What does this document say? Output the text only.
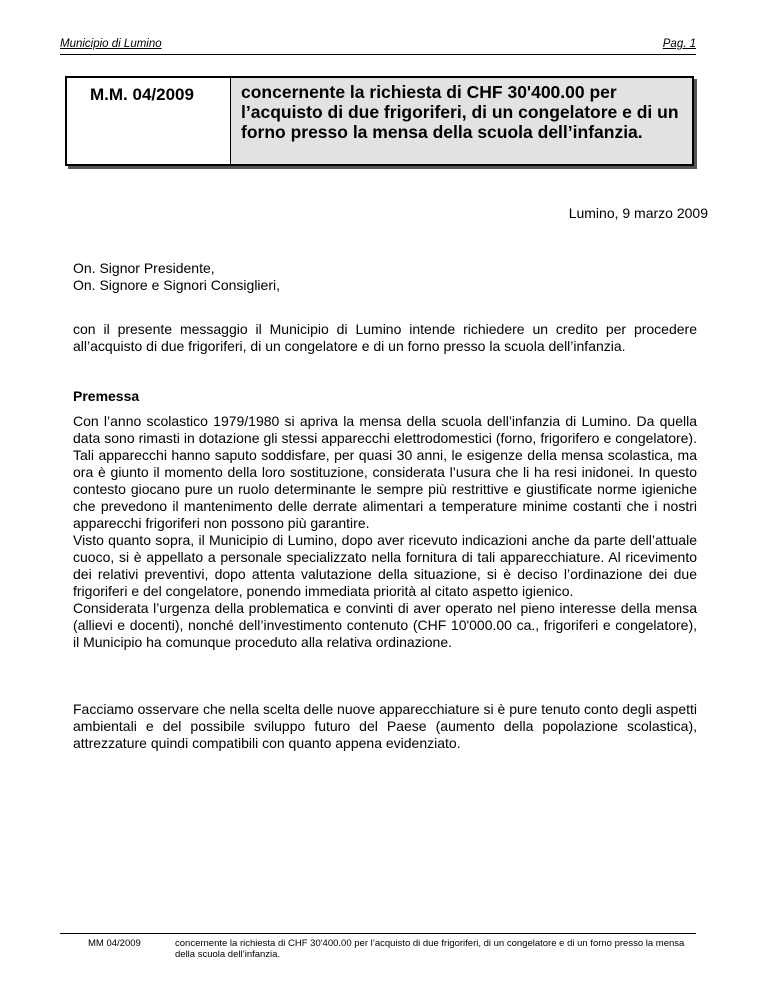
Municipio di Lumino	Pag. 1
M.M. 04/2009	concernente la richiesta di CHF 30'400.00 per l’acquisto di due frigoriferi, di un congelatore e di un forno presso la mensa della scuola dell’infanzia.
Lumino, 9 marzo 2009

On. Signor Presidente,

On. Signore e Signori Consiglieri,

con il presente messaggio il Municipio di Lumino intende richiedere un credito per procedere all’acquisto di due frigoriferi, di un congelatore e di un forno presso la scuola dell’infanzia.

Premessa

Con l’anno scolastico 1979/1980 si apriva la mensa della scuola dell’infanzia di Lumino. Da quella data sono rimasti in dotazione gli stessi apparecchi elettrodomestici (forno, frigorifero e congelatore). Tali apparecchi hanno saputo soddisfare, per quasi 30 anni, le esigenze della mensa scolastica, ma ora è giunto il momento della loro sostituzione, considerata l’usura che li ha resi inidonei. In questo contesto giocano pure un ruolo determinante le sempre più restrittive e giustificate norme igieniche che prevedono il mantenimento delle derrate alimentari a temperature minime costanti che i nostri apparecchi frigoriferi non possono più garantire.

Visto quanto sopra, il Municipio di Lumino, dopo aver ricevuto indicazioni anche da parte dell’attuale cuoco, si è appellato a personale specializzato nella fornitura di tali apparecchiature. Al ricevimento dei relativi preventivi, dopo attenta valutazione della situazione, si è deciso l’ordinazione dei due frigoriferi e del congelatore, ponendo immediata priorità al citato aspetto igienico.

Considerata l’urgenza della problematica e convinti di aver operato nel pieno interesse della mensa (allievi e docenti), nonché dell’investimento contenuto (CHF 10'000.00 ca., frigoriferi e congelatore), il Municipio ha comunque proceduto alla relativa ordinazione.

Facciamo osservare che nella scelta delle nuove apparecchiature si è pure tenuto conto degli aspetti ambientali e del possibile sviluppo futuro del Paese (aumento della popolazione scolastica), attrezzature quindi compatibili con quanto appena evidenziato.

MM 04/2009	concernente la richiesta di CHF 30'400.00 per l’acquisto di due frigoriferi, di un congelatore e di un forno presso la mensa della scuola dell’infanzia.
